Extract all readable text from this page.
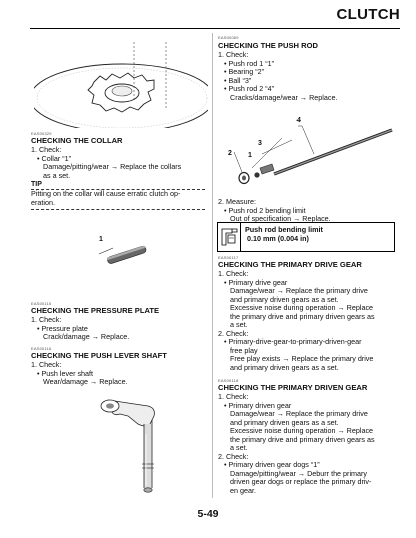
CLUTCH
EAS00329
CHECKING THE COLLAR
1. Check:
• Collar “1”
Damage/pitting/wear → Replace the collars
as a set.
TIP
Pitting on the collar will cause erratic clutch op-
eration.
1
EAS00115
CHECKING THE PRESSURE PLATE
1. Check:
• Pressure plate
Crack/damage → Replace.
EAS00116
CHECKING THE PUSH LEVER SHAFT
1. Check:
• Push lever shaft
Wear/damage → Replace.
EAS00069
CHECKING THE PUSH ROD
1. Check:
• Push rod 1 “1”
• Bearing “2”
• Ball “3”
• Push rod 2 “4”
Cracks/damage/wear → Replace.
2
3
1
4
2. Measure:
• Push rod 2 bending limit
Out of specification → Replace.
Push rod bending limit
0.10 mm (0.004 in)
EAS00117
CHECKING THE PRIMARY DRIVE GEAR
1. Check:
• Primary drive gear
Damage/wear → Replace the primary drive
and primary driven gears as a set.
Excessive noise during operation → Replace
the primary drive and primary driven gears as
a set.
2. Check:
• Primary-drive-gear-to-primary-driven-gear
free play
Free play exists → Replace the primary drive
and primary driven gears as a set.
EAS00118
CHECKING THE PRIMARY DRIVEN GEAR
1. Check:
• Primary driven gear
Damage/wear → Replace the primary drive
and primary driven gears as a set.
Excessive noise during operation → Replace
the primary drive and primary driven gears as
a set.
2. Check:
• Primary driven gear dogs “1”
Damage/pitting/wear → Deburr the primary
driven gear dogs or replace the primary driv-
en gear.
5-49
